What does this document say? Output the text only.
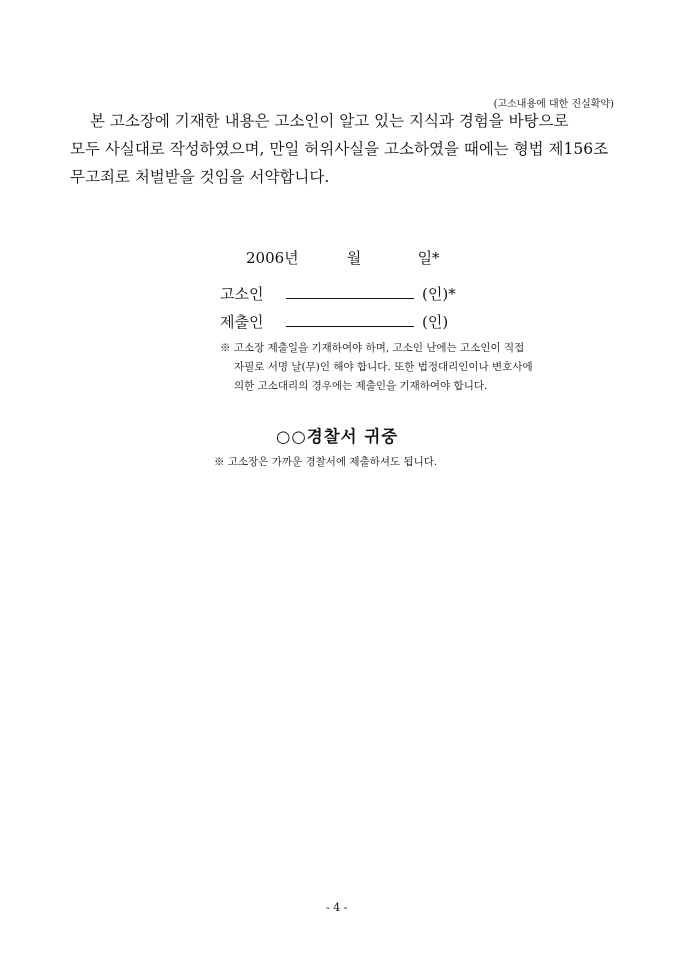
(고소내용에 대한 진실확약)
본 고소장에 기재한 내용은 고소인이 알고 있는 지식과 경험을 바탕으로
모두 사실대로 작성하였으며, 만일 허위사실을 고소하였을 때에는 형법 제156조
무고죄로 처벌받을 것임을 서약합니다.
2006년	월	일*
고소인	(인)*
제출인	(인)
※ 고소장 제출일을 기재하여야 하며, 고소인 난에는 고소인이 직접
자필로 서명 날(무)인 해야 합니다. 또한 법정대리인이나 변호사에
의한 고소대리의 경우에는 제출인을 기재하여야 합니다.
○○경찰서 귀중
※ 고소장은 가까운 경찰서에 제출하셔도 됩니다.
- 4 -
